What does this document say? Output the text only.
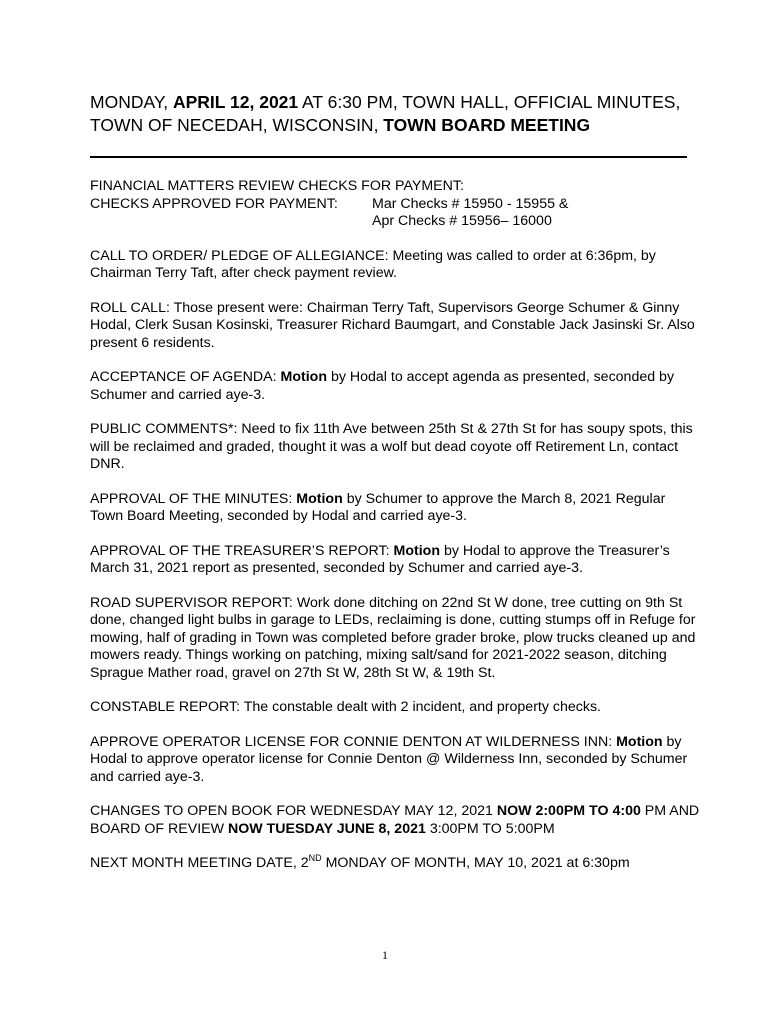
MONDAY, APRIL 12, 2021 AT 6:30 PM, TOWN HALL, OFFICIAL MINUTES, TOWN OF NECEDAH, WISCONSIN, TOWN BOARD MEETING
FINANCIAL MATTERS REVIEW CHECKS FOR PAYMENT:
CHECKS APPROVED FOR PAYMENT:	Mar Checks # 15950 - 15955 &
Apr Checks # 15956– 16000

CALL TO ORDER/ PLEDGE OF ALLEGIANCE: Meeting was called to order at 6:36pm, by Chairman Terry Taft, after check payment review.

ROLL CALL: Those present were: Chairman Terry Taft, Supervisors George Schumer & Ginny Hodal, Clerk Susan Kosinski, Treasurer Richard Baumgart, and Constable Jack Jasinski Sr. Also present 6 residents.

ACCEPTANCE OF AGENDA: Motion by Hodal to accept agenda as presented, seconded by Schumer and carried aye-3.

PUBLIC COMMENTS*: Need to fix 11th Ave between 25th St & 27th St for has soupy spots, this will be reclaimed and graded, thought it was a wolf but dead coyote off Retirement Ln, contact DNR.

APPROVAL OF THE MINUTES: Motion by Schumer to approve the March 8, 2021 Regular Town Board Meeting, seconded by Hodal and carried aye-3.

APPROVAL OF THE TREASURER’S REPORT: Motion by Hodal to approve the Treasurer’s March 31, 2021 report as presented, seconded by Schumer and carried aye-3.

ROAD SUPERVISOR REPORT: Work done ditching on 22nd St W done, tree cutting on 9th St done, changed light bulbs in garage to LEDs, reclaiming is done, cutting stumps off in Refuge for mowing, half of grading in Town was completed before grader broke, plow trucks cleaned up and mowers ready. Things working on patching, mixing salt/sand for 2021-2022 season, ditching Sprague Mather road, gravel on 27th St W, 28th St W, & 19th St.

CONSTABLE REPORT: The constable dealt with 2 incident, and property checks.

APPROVE OPERATOR LICENSE FOR CONNIE DENTON AT WILDERNESS INN: Motion by Hodal to approve operator license for Connie Denton @ Wilderness Inn, seconded by Schumer and carried aye-3.

CHANGES TO OPEN BOOK FOR WEDNESDAY MAY 12, 2021 NOW 2:00PM TO 4:00 PM AND BOARD OF REVIEW NOW TUESDAY JUNE 8, 2021 3:00PM TO 5:00PM

NEXT MONTH MEETING DATE, 2ND MONDAY OF MONTH, MAY 10, 2021 at 6:30pm

1
